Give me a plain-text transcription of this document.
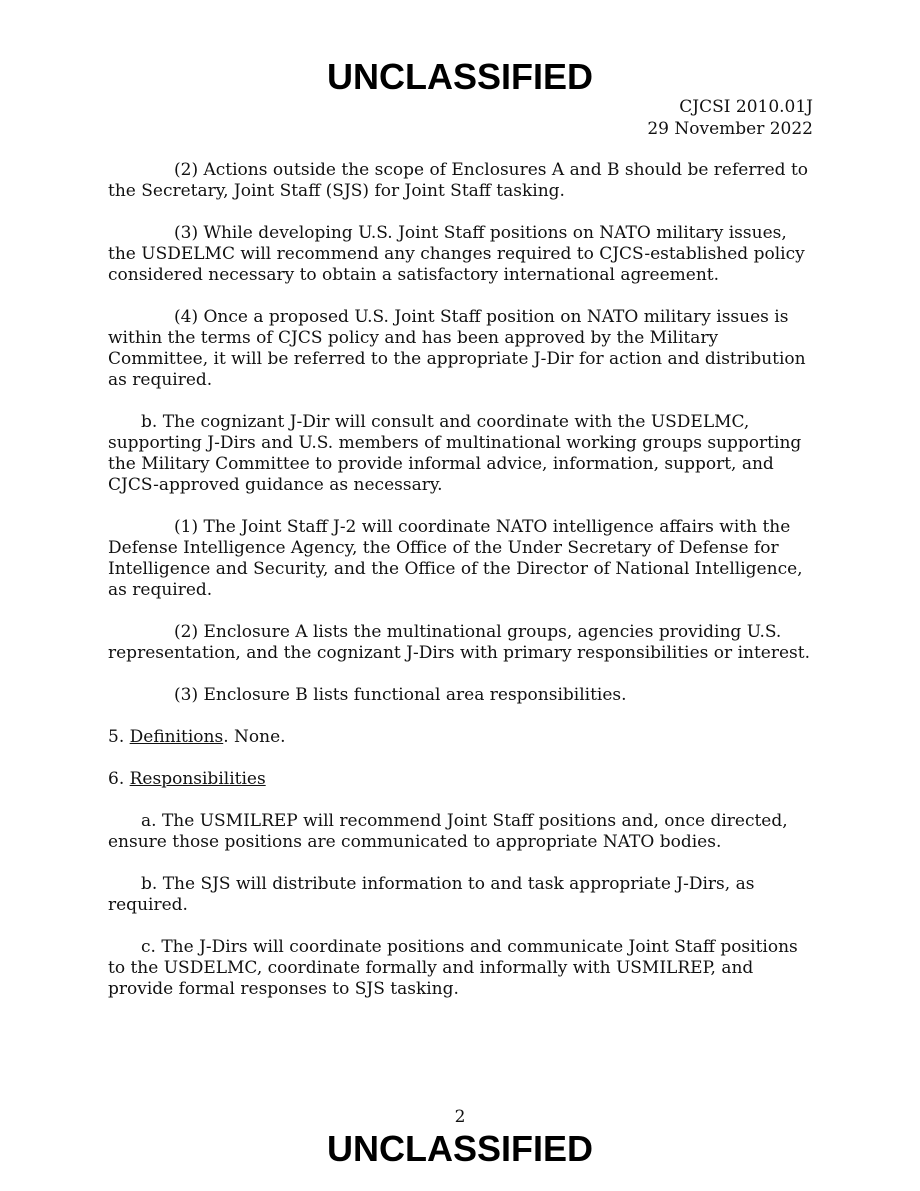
UNCLASSIFIED
CJCSI 2010.01J
29 November 2022

(2) Actions outside the scope of Enclosures A and B should be referred to the Secretary, Joint Staff (SJS) for Joint Staff tasking.

(3) While developing U.S. Joint Staff positions on NATO military issues, the USDELMC will recommend any changes required to CJCS-established policy considered necessary to obtain a satisfactory international agreement.

(4) Once a proposed U.S. Joint Staff position on NATO military issues is within the terms of CJCS policy and has been approved by the Military Committee, it will be referred to the appropriate J-Dir for action and distribution as required.

b. The cognizant J-Dir will consult and coordinate with the USDELMC, supporting J-Dirs and U.S. members of multinational working groups supporting the Military Committee to provide informal advice, information, support, and CJCS-approved guidance as necessary.

(1) The Joint Staff J-2 will coordinate NATO intelligence affairs with the Defense Intelligence Agency, the Office of the Under Secretary of Defense for Intelligence and Security, and the Office of the Director of National Intelligence, as required.

(2) Enclosure A lists the multinational groups, agencies providing U.S. representation, and the cognizant J-Dirs with primary responsibilities or interest.

(3) Enclosure B lists functional area responsibilities.

5. Definitions. None.

6. Responsibilities

a. The USMILREP will recommend Joint Staff positions and, once directed, ensure those positions are communicated to appropriate NATO bodies.

b. The SJS will distribute information to and task appropriate J-Dirs, as required.

c. The J-Dirs will coordinate positions and communicate Joint Staff positions to the USDELMC, coordinate formally and informally with USMILREP, and provide formal responses to SJS tasking.

2
UNCLASSIFIED
